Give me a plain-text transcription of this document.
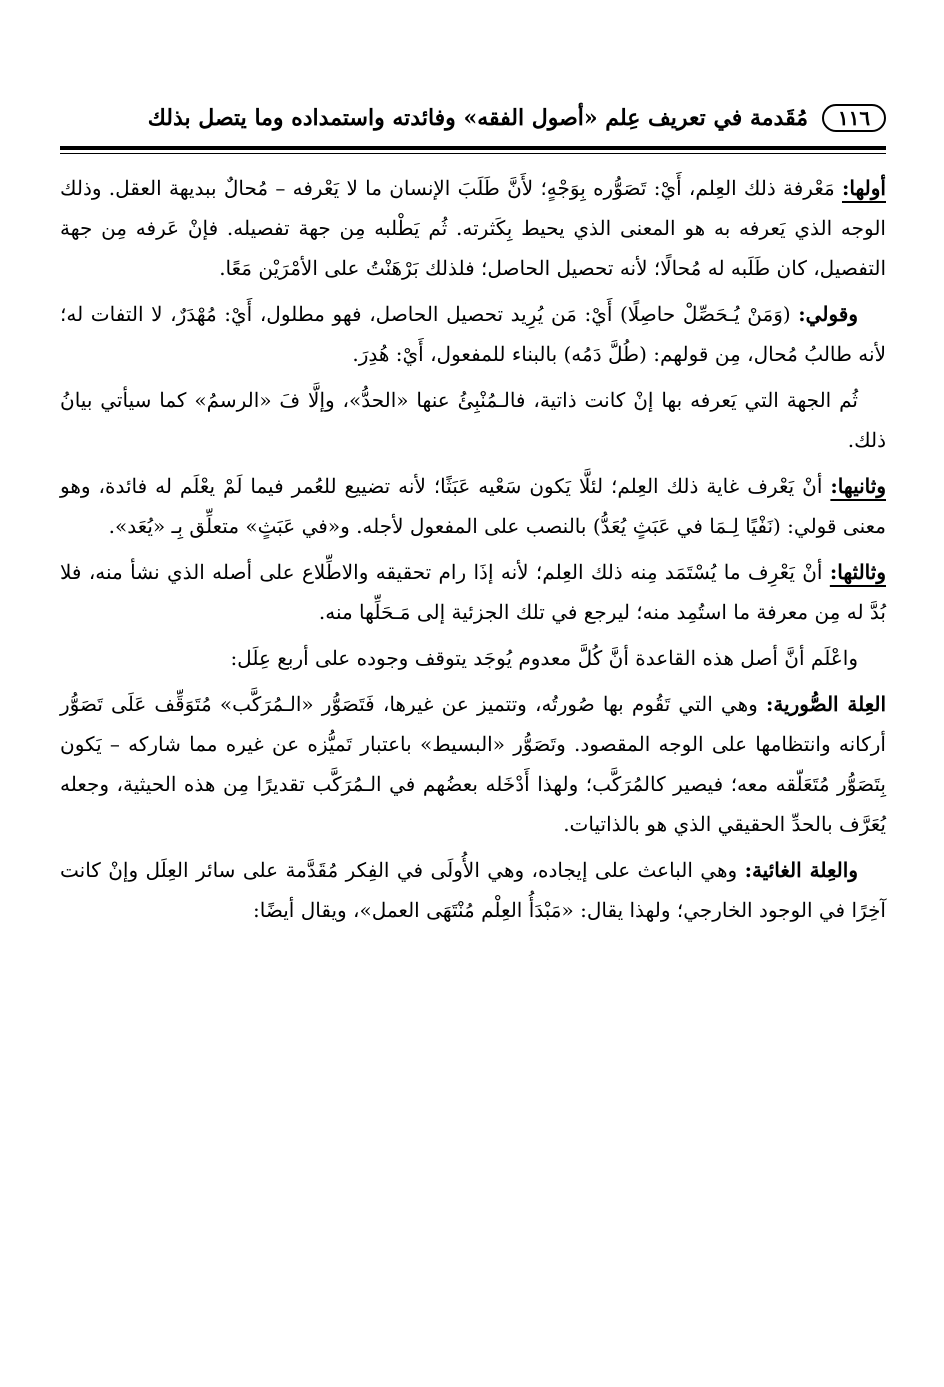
١١٦
مُقَدمة في تعريف عِلم «أصول الفقه» وفائدته واستمداده وما يتصل بذلك

أولها: مَعْرفة ذلك العِلم، أَيْ: تَصَوُّره بِوَجْهٍ؛ لأَنَّ طَلَبَ الإنسان ما لا يَعْرفه – مُحالٌ ببديهة العقل. وذلك الوجه الذي يَعرفه به هو المعنى الذي يحيط بِكَثرته. ثُم يَطْلبه مِن جهة تفصيله. فإنْ عَرفه مِن جهة التفصيل، كان طَلَبه له مُحالًا؛ لأنه تحصيل الحاصل؛ فلذلك بَرْهَنْتُ على الأمْرَيْن مَعًا.

وقولي: (وَمَنْ يُـحَصِّلْ حاصِلًا) أَيْ: مَن يُرِيد تحصيل الحاصل، فهو مطلول، أَيْ: مُهْدَرٌ، لا التفات له؛ لأنه طالبُ مُحال، مِن قولهم: (طُلَّ دَمُه) بالبناء للمفعول، أَيْ: هُدِرَ.

ثُم الجهة التي يَعرفه بها إنْ كانت ذاتية، فالـمُنْبِئُ عنها «الحدُّ»، وإلَّا فَ «الرسمُ» كما سيأتي بيانُ ذلك.

وثانيها: أنْ يَعْرف غاية ذلك العِلم؛ لئلَّا يَكون سَعْيه عَبَثًا؛ لأنه تضييع للعُمر فيما لَمْ يعْلَم له فائدة، وهو معنى قولي: (نَفْيًا لِـمَا في عَبَثٍ يُعَدُّ) بالنصب على المفعول لأجله. و«في عَبَثٍ» متعلِّق بِـ «يُعَد».

وثالثها: أنْ يَعْرِف ما يُسْتَمَد مِنه ذلك العِلم؛ لأنه إذَا رام تحقيقه والاطِّلاع على أصله الذي نشأ منه، فلا بُدَّ له مِن معرفة ما استُمِد منه؛ ليرجع في تلك الجزئية إلى مَـحَلِّها منه.

واعْلَم أنَّ أصل هذه القاعدة أنَّ كُلَّ معدوم يُوجَد يتوقف وجوده على أربع عِلَل:

العِلة الصُّورية: وهي التي تَقُوم بها صُورتُه، وتتميز عن غيرها، فَتَصَوُّر «الـمُرَكَّب» مُتَوَقِّف عَلَى تَصَوُّر أركانه وانتظامها على الوجه المقصود. وتَصَوُّر «البسيط» باعتبار تَميُّزه عن غيره مما شاركه – يَكون بِتَصَوُّر مُتَعَلّقه معه؛ فيصير كالمُرَكَّب؛ ولهذا أَدْخَله بعضُهم في الـمُرَكَّب تقديرًا مِن هذه الحيثية، وجعله يُعَرَّف بالحدِّ الحقيقي الذي هو بالذاتيات.

والعِلة الغائية: وهي الباعث على إيجاده، وهي الأُولَى في الفِكر مُقَدَّمة على سائر العِلَل وإنْ كانت آخِرًا في الوجود الخارجي؛ ولهذا يقال: «مَبْدَأُ العِلْم مُنْتَهَى العمل»، ويقال أيضًا:
